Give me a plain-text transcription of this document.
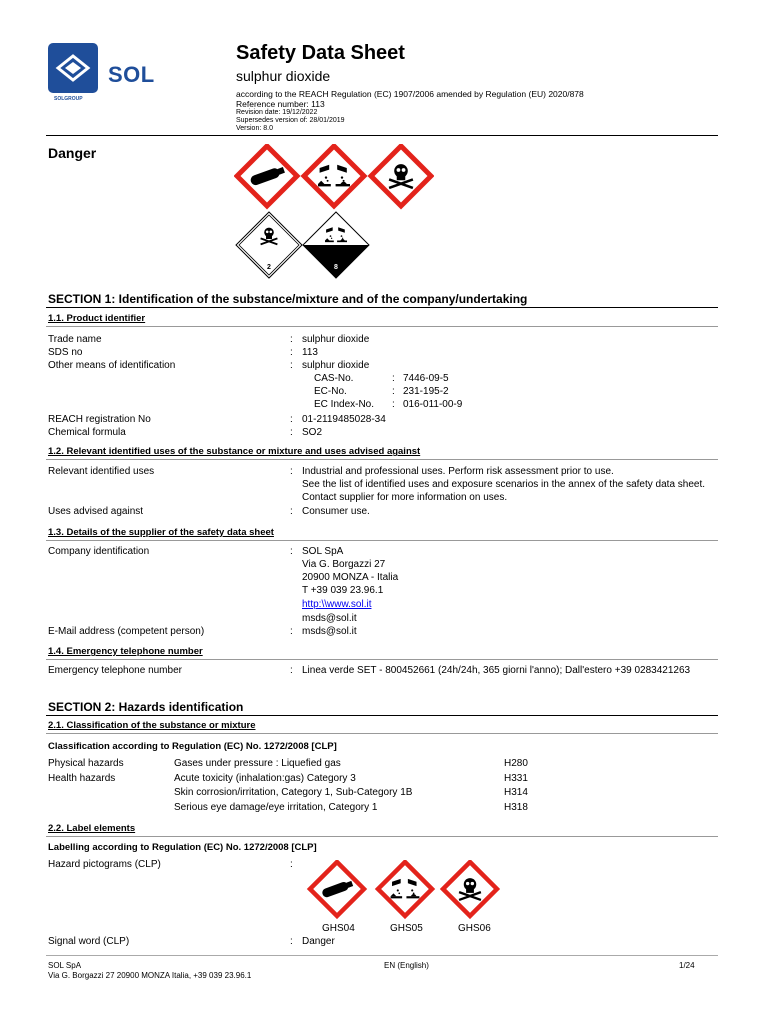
SOL
SOLGROUP
Safety Data Sheet
sulphur dioxide
according to the REACH Regulation (EC) 1907/2006 amended by Regulation (EU) 2020/878
Reference number: 113
Revision date: 19/12/2022
Supersedes version of: 28/01/2019
Version: 8.0
Danger
2	8
SECTION 1: Identification of the substance/mixture and of the company/undertaking
1.1. Product identifier
Trade name	: sulphur dioxide
SDS no	: 113
Other means of identification	: sulphur dioxide
CAS-No.	: 7446-09-5
EC-No.	: 231-195-2
EC Index-No. : 016-011-00-9
REACH registration No	: 01-2119485028-34
Chemical formula	: SO2
1.2. Relevant identified uses of the substance or mixture and uses advised against
Relevant identified uses	: Industrial and professional uses. Perform risk assessment prior to use.
See the list of identified uses and exposure scenarios in the annex of the safety data sheet.
Contact supplier for more information on uses.
Uses advised against	: Consumer use.
1.3. Details of the supplier of the safety data sheet
Company identification	: SOL SpA
Via G. Borgazzi 27
20900 MONZA - Italia
T +39 039 23.96.1
http:\\www.sol.it
msds@sol.it
E-Mail address (competent person)	: msds@sol.it
1.4. Emergency telephone number
Emergency telephone number	: Linea verde SET - 800452661 (24h/24h, 365 giorni l'anno); Dall'estero +39 0283421263
SECTION 2: Hazards identification
2.1. Classification of the substance or mixture
Classification according to Regulation (EC) No. 1272/2008 [CLP]
Physical hazards	Gases under pressure : Liquefied gas	H280
Health hazards	Acute toxicity (inhalation:gas) Category 3	H331
Skin corrosion/irritation, Category 1, Sub-Category 1B	H314
Serious eye damage/eye irritation, Category 1	H318
2.2. Label elements
Labelling according to Regulation (EC) No. 1272/2008 [CLP]
Hazard pictograms (CLP)	:
GHS04	GHS05	GHS06
Signal word (CLP)	: Danger
SOL SpA
Via G. Borgazzi 27 20900 MONZA Italia, +39 039 23.96.1
EN (English)	1/24
